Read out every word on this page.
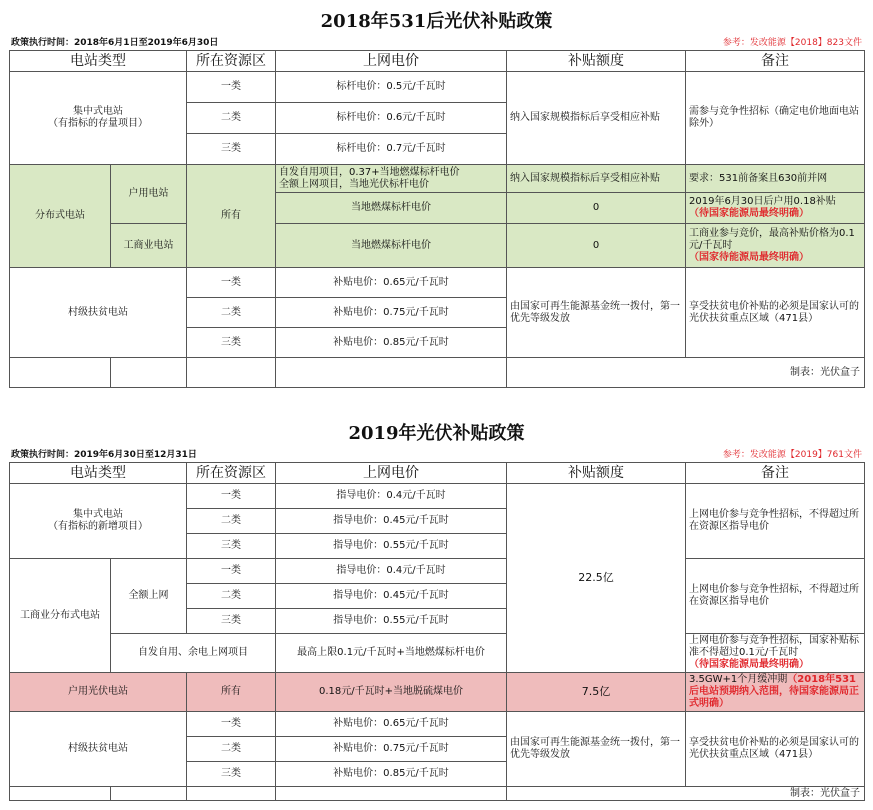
2018年531后光伏补贴政策
政策执行时间：2018年6月1日至2019年6月30日	参考：发改能源【2018】823文件
电站类型		所在资源区	上网电价	补贴额度	备注

集中式电站
（有指标的存量项目）		一类	标杆电价：0.5元/千瓦时	纳入国家规模指标后享受相应补贴	需参与竞争性招标（确定电价地面电站除外）
		二类	标杆电价：0.6元/千瓦时		
		三类	标杆电价：0.7元/千瓦时		
分布式电站	户用电站	所有	自发自用项目，0.37+当地燃煤标杆电价
全额上网项目，当地光伏标杆电价	纳入国家规模指标后享受相应补贴	要求：531前备案且630前并网
			当地燃煤标杆电价	0	2019年6月30日后户用0.18补贴
（待国家能源局最终明确）

	工商业电站		当地燃煤标杆电价	0	工商业参与竞价，最高补贴价格为0.1元/千瓦时
（国家待能源局最终明确）

村级扶贫电站		一类	补贴电价：0.65元/千瓦时	由国家可再生能源基金统一拨付，第一优先等级发放	享受扶贫电价补贴的必须是国家认可的光伏扶贫重点区域（471县）
		二类	补贴电价：0.75元/千瓦时		
		三类	补贴电价：0.85元/千瓦时		
				制表：光伏盒子	
2019年光伏补贴政策
政策执行时间：2019年6月30日至12月31日	参考：发改能源【2019】761文件
电站类型		所在资源区	上网电价	补贴额度	备注

集中式电站
（有指标的新增项目）		一类	指导电价：0.4元/千瓦时	22.5亿	上网电价参与竞争性招标，不得超过所在资源区指导电价
		二类	指导电价：0.45元/千瓦时		
		三类	指导电价：0.55元/千瓦时		
工商业分布式电站	全额上网	一类	指导电价：0.4元/千瓦时		上网电价参与竞争性招标，不得超过所在资源区指导电价
		二类	指导电价：0.45元/千瓦时		
		三类	指导电价：0.55元/千瓦时		
	自发自用、余电上网项目		最高上限0.1元/千瓦时+当地燃煤标杆电价		上网电价参与竞争性招标，国家补贴标准不得超过0.1元/千瓦时
（待国家能源局最终明确）

户用光伏电站		所有	0.18元/千瓦时+当地脱硫煤电价	7.5亿	3.5GW+1个月缓冲期（2018年531后电站预期纳入范围，待国家能源局正式明确）
村级扶贫电站		一类	补贴电价：0.65元/千瓦时	由国家可再生能源基金统一拨付，第一优先等级发放	享受扶贫电价补贴的必须是国家认可的光伏扶贫重点区域（471县）
		二类	补贴电价：0.75元/千瓦时		
		三类	补贴电价：0.85元/千瓦时		
				制表：光伏盒子	
